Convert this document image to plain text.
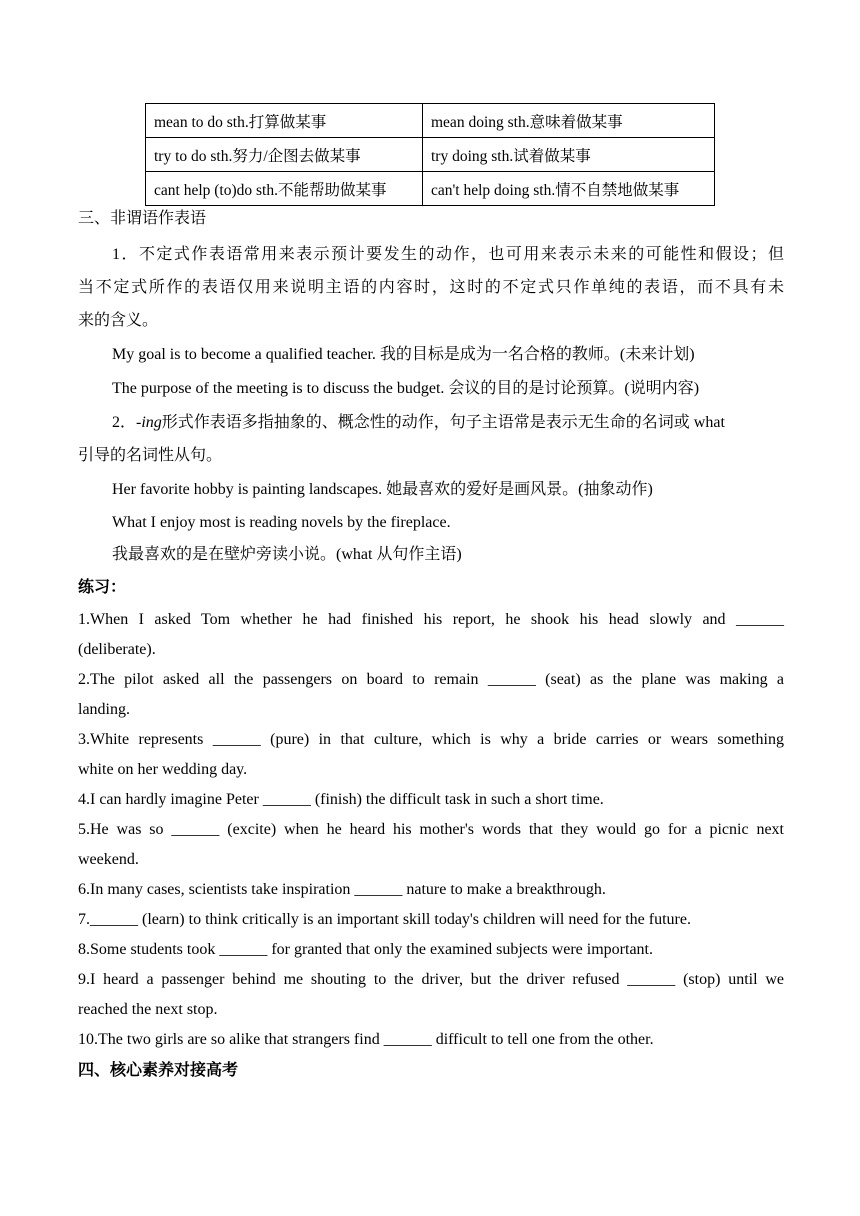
mean to do sth.打算做某事	mean doing sth.意味着做某事
try to do sth.努力/企图去做某事	try doing sth.试着做某事
cant help (to)do sth.不能帮助做某事	can't help doing sth.情不自禁地做某事
三、非谓语作表语
1．不定式作表语常用来表示预计要发生的动作，也可用来表示未来的可能性和假设；但
当不定式所作的表语仅用来说明主语的内容时，这时的不定式只作单纯的表语，而不具有未
来的含义。
My goal is to become a qualified teacher. 我的目标是成为一名合格的教师。(未来计划)
The purpose of the meeting is to discuss the budget. 会议的目的是讨论预算。(说明内容)
2．-ing形式作表语多指抽象的、概念性的动作，句子主语常是表示无生命的名词或 what
引导的名词性从句。
Her favorite hobby is painting landscapes. 她最喜欢的爱好是画风景。(抽象动作)
What I enjoy most is reading novels by the fireplace.
我最喜欢的是在壁炉旁读小说。(what 从句作主语)
练习：
1.When I asked Tom whether he had finished his report, he shook his head slowly and ______
(deliberate).
2.The pilot asked all the passengers on board to remain ______ (seat) as the plane was making a
landing.
3.White represents ______ (pure) in that culture, which is why a bride carries or wears something
white on her wedding day.
4.I can hardly imagine Peter ______ (finish) the difficult task in such a short time.
5.He was so ______ (excite) when he heard his mother's words that they would go for a picnic next
weekend.
6.In many cases, scientists take inspiration ______ nature to make a breakthrough.
7.______ (learn) to think critically is an important skill today's children will need for the future.
8.Some students took ______ for granted that only the examined subjects were important.
9.I heard a passenger behind me shouting to the driver, but the driver refused ______ (stop) until we
reached the next stop.
10.The two girls are so alike that strangers find ______ difficult to tell one from the other.
四、核心素养对接高考
